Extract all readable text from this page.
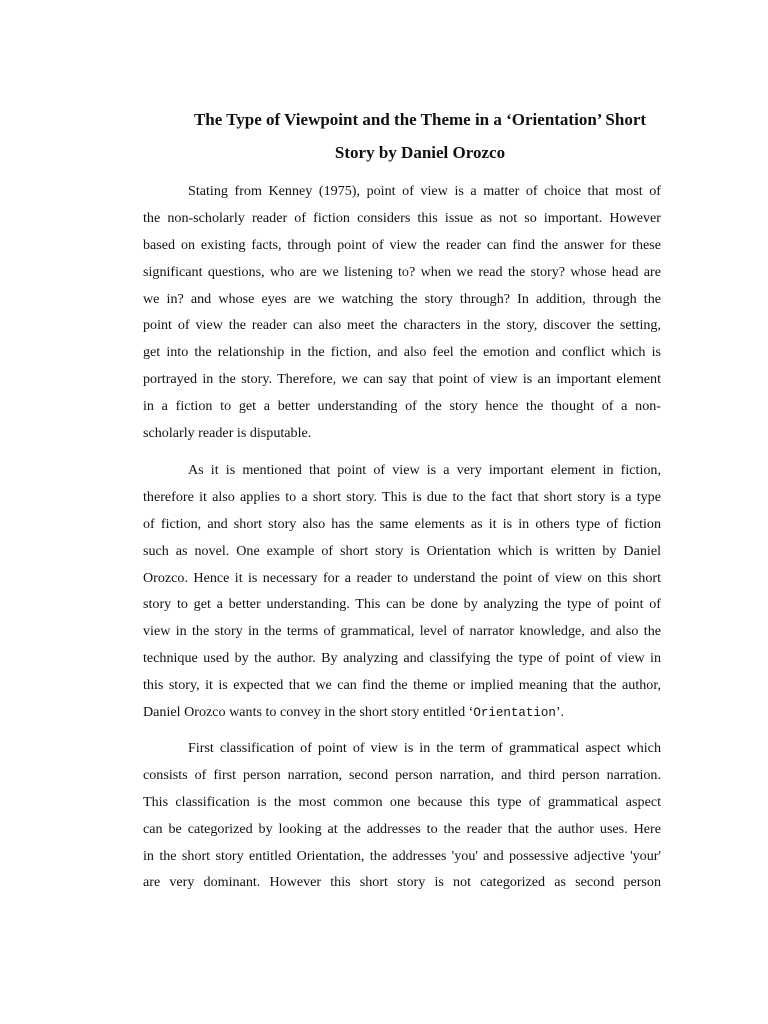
The Type of Viewpoint and the Theme in a ‘Orientation’ Short
Story by Daniel Orozco
Stating from Kenney (1975), point of view is a matter of choice that most of
the non-scholarly reader of fiction considers this issue as not so important. However
based on existing facts, through point of view the reader can find the answer for these
significant questions, who are we listening to? when we read the story? whose head are
we in? and whose eyes are we watching the story through? In addition, through the
point of view the reader can also meet the characters in the story, discover the setting,
get into the relationship in the fiction, and also feel the emotion and conflict which is
portrayed in the story. Therefore, we can say that point of view is an important element
in a fiction to get a better understanding of the story hence the thought of a non-
scholarly reader is disputable.
As it is mentioned that point of view is a very important element in fiction,
therefore it also applies to a short story. This is due to the fact that short story is a type
of fiction, and short story also has the same elements as it is in others type of fiction
such as novel. One example of short story is Orientation which is written by Daniel
Orozco. Hence it is necessary for a reader to understand the point of view on this short
story to get a better understanding. This can be done by analyzing the type of point of
view in the story in the terms of grammatical, level of narrator knowledge, and also the
technique used by the author. By analyzing and classifying the type of point of view in
this story, it is expected that we can find the theme or implied meaning that the author,
Daniel Orozco wants to convey in the short story entitled ‘Orientation’.
First classification of point of view is in the term of grammatical aspect which
consists of first person narration, second person narration, and third person narration.
This classification is the most common one because this type of grammatical aspect
can be categorized by looking at the addresses to the reader that the author uses. Here
in the short story entitled Orientation, the addresses 'you' and possessive adjective 'your'
are very dominant. However this short story is not categorized as second person
